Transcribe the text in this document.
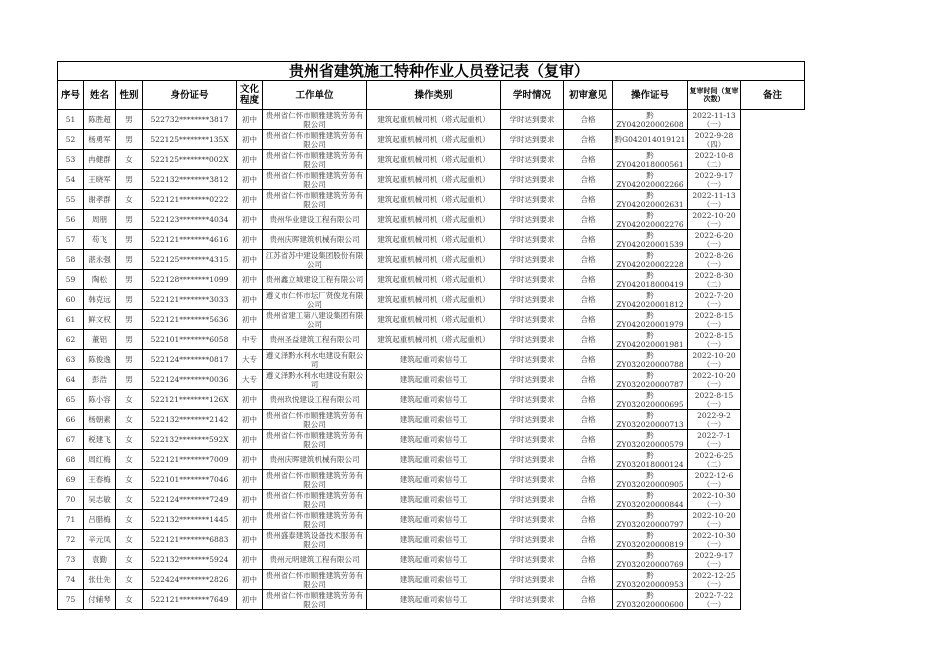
贵州省建筑施工特种作业人员登记表（复审）											
序号	姓名	性别	身份证号	文化程度	工作单位	操作类别	学时情况	初审意见	操作证号	复审时间（复审次数）	备注
51	陈胜超	男	522732********3817	初中	贵州省仁怀市顺雅建筑劳务有限公司	建筑起重机械司机（塔式起重机）	学时达到要求	合格	黔ZY042020002608	2022-11-13（一）	
52	杨勇军	男	522125********135X	初中	贵州省仁怀市顺雅建筑劳务有限公司	建筑起重机械司机（塔式起重机）	学时达到要求	合格	黔G042014019121	2022-9-28（四）	
53	冉健群	女	522125********002X	初中	贵州省仁怀市顺雅建筑劳务有限公司	建筑起重机械司机（塔式起重机）	学时达到要求	合格	黔ZY042018000561	2022-10-8（二）	
54	王晓军	男	522132********3812	初中	贵州省仁怀市顺雅建筑劳务有限公司	建筑起重机械司机（塔式起重机）	学时达到要求	合格	黔ZY042020002266	2022-9-17（一）	
55	谢孝群	女	522121********0222	初中	贵州省仁怀市顺雅建筑劳务有限公司	建筑起重机械司机（塔式起重机）	学时达到要求	合格	黔ZY042020002631	2022-11-13（一）	
56	周朋	男	522123********4034	初中	贵州华业建设工程有限公司	建筑起重机械司机（塔式起重机）	学时达到要求	合格	黔ZY042020002276	2022-10-20（一）	
57	苟飞	男	522121********4616	初中	贵州庆晖建筑机械有限公司	建筑起重机械司机（塔式起重机）	学时达到要求	合格	黔ZY042020001539	2022-6-20（一）	
58	湛永强	男	522125********4315	初中	江苏省苏中建设集团股份有限公司	建筑起重机械司机（塔式起重机）	学时达到要求	合格	黔ZY042020002228	2022-8-26（一）	
59	陶松	男	522128********1099	初中	贵州鑫立城建设工程有限公司	建筑起重机械司机（塔式起重机）	学时达到要求	合格	黔ZY042018000419	2022-8-30（二）	
60	韩克远	男	522121********3033	初中	遵义市仁怀市坛厂贤俊龙有限公司	建筑起重机械司机（塔式起重机）	学时达到要求	合格	黔ZY042020001812	2022-7-20（一）	
61	鲜文权	男	522121********5636	初中	贵州省建工第八建设集团有限公司	建筑起重机械司机（塔式起重机）	学时达到要求	合格	黔ZY042020001979	2022-8-15（一）	
62	董铝	男	522101********6058	中专	贵州圣益建筑工程有限公司	建筑起重机械司机（塔式起重机）	学时达到要求	合格	黔ZY042020001981	2022-8-15（一）	
63	陈俊逸	男	522124********0817	大专	遵义泽黔水利水电建设有限公司	建筑起重司索信号工	学时达到要求	合格	黔ZY032020000788	2022-10-20（一）	
64	彭浩	男	522124********0036	大专	遵义泽黔水利水电建设有限公司	建筑起重司索信号工	学时达到要求	合格	黔ZY032020000787	2022-10-20（一）	
65	陈小容	女	522121********126X	初中	贵州玖悦建设工程有限公司	建筑起重司索信号工	学时达到要求	合格	黔ZY032020000695	2022-8-15（一）	
66	杨朝素	女	522132********2142	初中	贵州省仁怀市顺雅建筑劳务有限公司	建筑起重司索信号工	学时达到要求	合格	黔ZY032020000713	2022-9-2（一）	
67	税建飞	女	522132********592X	初中	贵州省仁怀市顺雅建筑劳务有限公司	建筑起重司索信号工	学时达到要求	合格	黔ZY032020000579	2022-7-1（一）	
68	周红梅	女	522121********7009	初中	贵州庆晖建筑机械有限公司	建筑起重司索信号工	学时达到要求	合格	黔ZY032018000124	2022-6-25（二）	
69	王春梅	女	522101********7046	初中	贵州省仁怀市顺雅建筑劳务有限公司	建筑起重司索信号工	学时达到要求	合格	黔ZY032020000905	2022-12-6（一）	
70	吴志敏	女	522124********7249	初中	贵州省仁怀市顺雅建筑劳务有限公司	建筑起重司索信号工	学时达到要求	合格	黔ZY032020000844	2022-10-30（一）	
71	吕腊梅	女	522132********1445	初中	贵州省仁怀市顺雅建筑劳务有限公司	建筑起重司索信号工	学时达到要求	合格	黔ZY032020000797	2022-10-20（一）	
72	辛元凤	女	522121********6883	初中	贵州盛泰建筑设备技术服务有限公司	建筑起重司索信号工	学时达到要求	合格	黔ZY032020000819	2022-10-30（一）	
73	袁勤	女	522132********5924	初中	贵州元明建筑工程有限公司	建筑起重司索信号工	学时达到要求	合格	黔ZY032020000769	2022-9-17（一）	
74	张仕先	女	522424********2826	初中	贵州省仁怀市顺雅建筑劳务有限公司	建筑起重司索信号工	学时达到要求	合格	黔ZY032020000953	2022-12-25（一）	
75	付辅琴	女	522121********7649	初中	贵州省仁怀市顺雅建筑劳务有限公司	建筑起重司索信号工	学时达到要求	合格	黔ZY032020000600	2022-7-22（一）	
